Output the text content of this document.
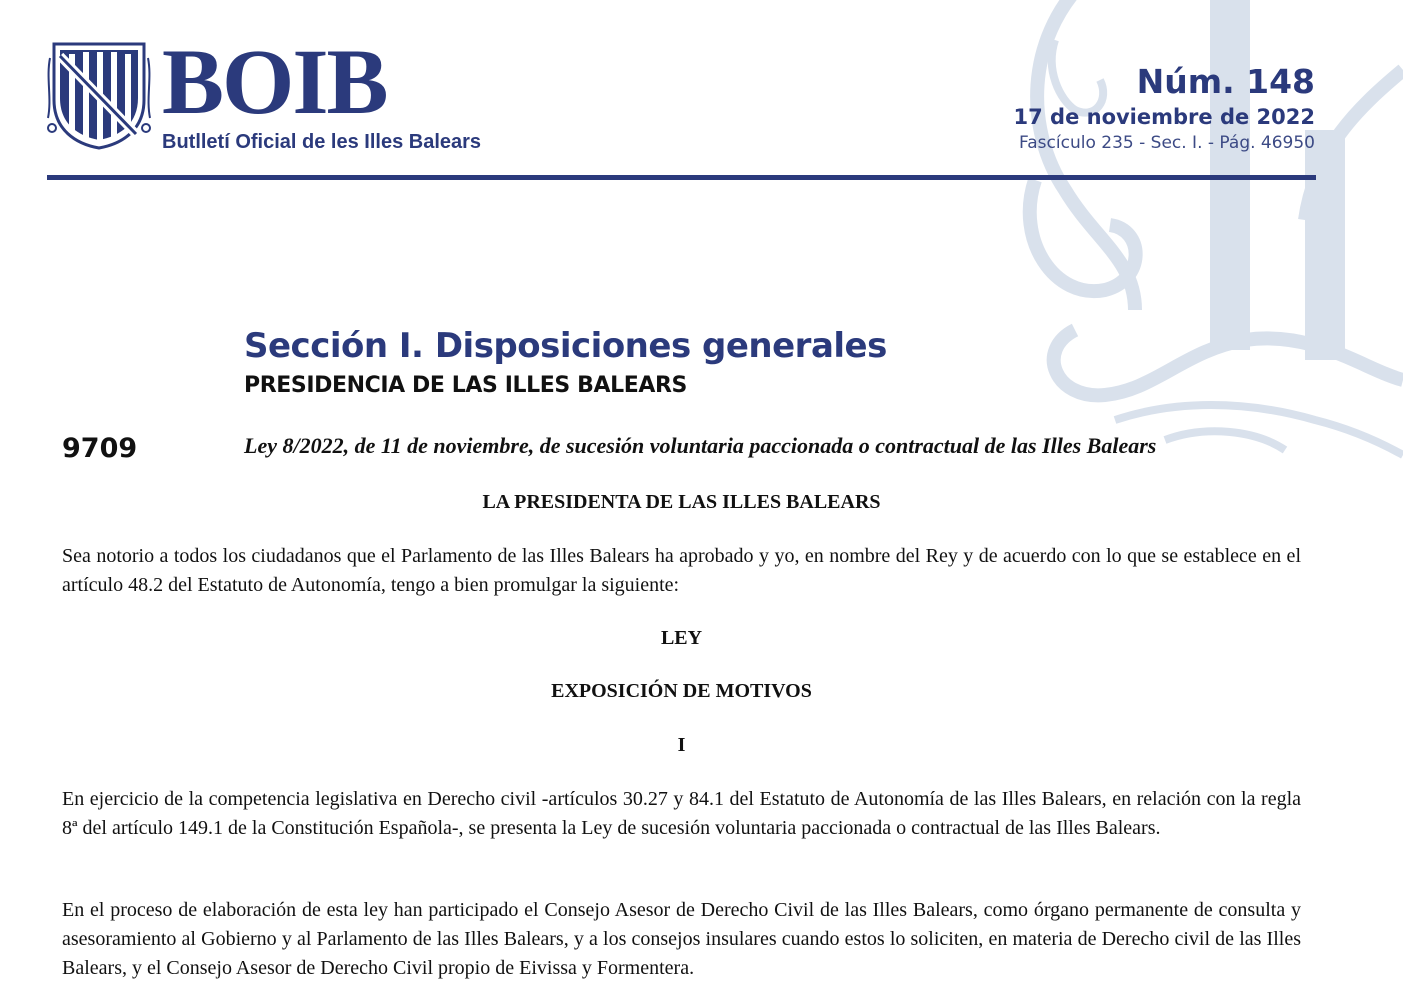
BOIB
Butlletí Oficial de les Illes Balears
Núm. 148
17 de noviembre de 2022
Fascículo 235 - Sec. I. - Pág. 46950
Sección I. Disposiciones generales
PRESIDENCIA DE LAS ILLES BALEARS
9709	Ley 8/2022, de 11 de noviembre, de sucesión voluntaria paccionada o contractual de las Illes Balears
LA PRESIDENTA DE LAS ILLES BALEARS

Sea notorio a todos los ciudadanos que el Parlamento de las Illes Balears ha aprobado y yo, en nombre del Rey y de acuerdo con lo que se establece en el artículo 48.2 del Estatuto de Autonomía, tengo a bien promulgar la siguiente:

LEY
EXPOSICIÓN DE MOTIVOS
I

En ejercicio de la competencia legislativa en Derecho civil -artículos 30.27 y 84.1 del Estatuto de Autonomía de las Illes Balears, en relación con la regla 8ª del artículo 149.1 de la Constitución Española-, se presenta la Ley de sucesión voluntaria paccionada o contractual de las Illes Balears.

En el proceso de elaboración de esta ley han participado el Consejo Asesor de Derecho Civil de las Illes Balears, como órgano permanente de consulta y asesoramiento al Gobierno y al Parlamento de las Illes Balears, y a los consejos insulares cuando estos lo soliciten, en materia de Derecho civil de las Illes Balears, y el Consejo Asesor de Derecho Civil propio de Eivissa y Formentera.
